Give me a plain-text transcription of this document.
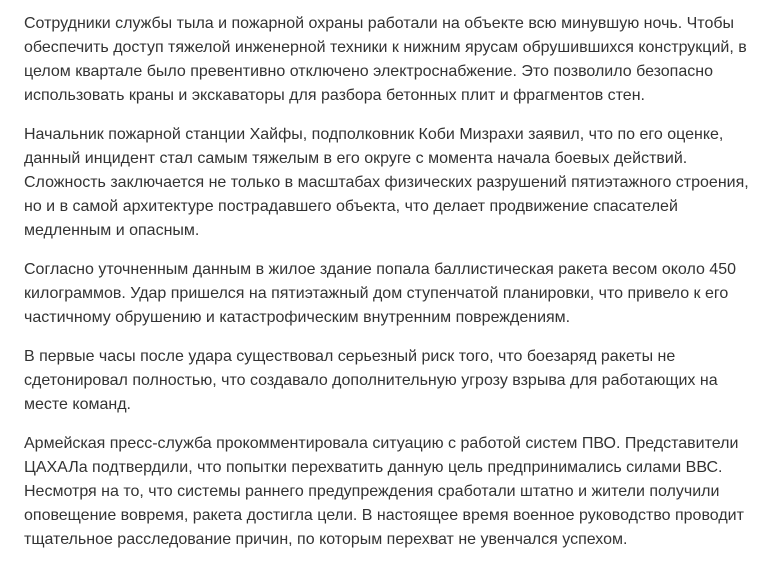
Сотрудники службы тыла и пожарной охраны работали на объекте всю минувшую ночь. Чтобы обеспечить доступ тяжелой инженерной техники к нижним ярусам обрушившихся конструкций, в целом квартале было превентивно отключено электроснабжение. Это позволило безопасно использовать краны и экскаваторы для разбора бетонных плит и фрагментов стен.

Начальник пожарной станции Хайфы, подполковник Коби Мизрахи заявил, что по его оценке, данный инцидент стал самым тяжелым в его округе с момента начала боевых действий. Сложность заключается не только в масштабах физических разрушений пятиэтажного строения, но и в самой архитектуре пострадавшего объекта, что делает продвижение спасателей медленным и опасным.

Согласно уточненным данным в жилое здание попала баллистическая ракета весом около 450 килограммов. Удар пришелся на пятиэтажный дом ступенчатой планировки, что привело к его частичному обрушению и катастрофическим внутренним повреждениям.

В первые часы после удара существовал серьезный риск того, что боезаряд ракеты не сдетонировал полностью, что создавало дополнительную угрозу взрыва для работающих на месте команд.

Армейская пресс-служба прокомментировала ситуацию с работой систем ПВО. Представители ЦАХАЛа подтвердили, что попытки перехватить данную цель предпринимались силами ВВС. Несмотря на то, что системы раннего предупреждения сработали штатно и жители получили оповещение вовремя, ракета достигла цели. В настоящее время военное руководство проводит тщательное расследование причин, по которым перехват не увенчался успехом.
